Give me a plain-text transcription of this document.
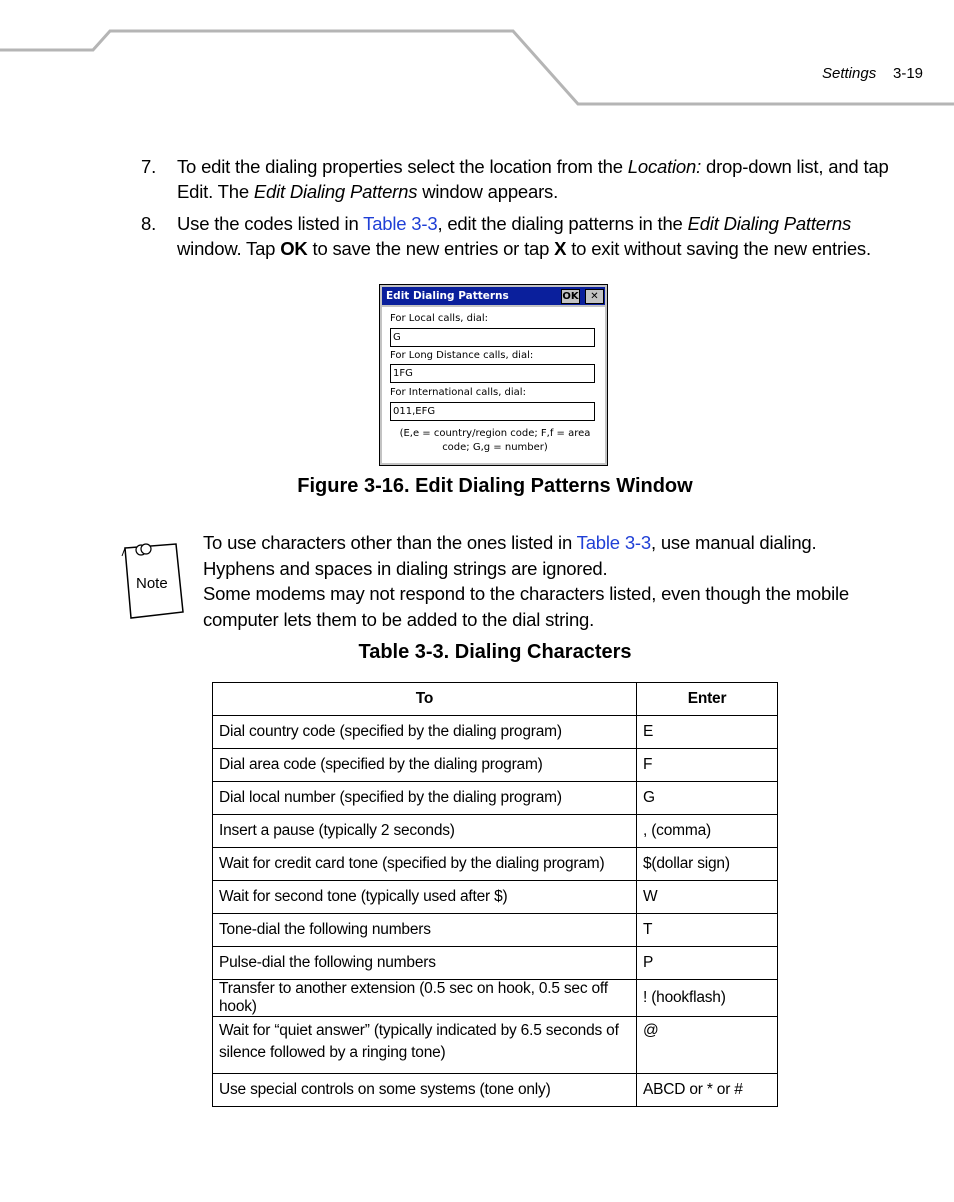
Settings 3-19
7. To edit the dialing properties select the location from the Location: drop-down list, and tap
Edit. The Edit Dialing Patterns window appears.
8. Use the codes listed in Table 3-3, edit the dialing patterns in the Edit Dialing Patterns
window. Tap OK to save the new entries or tap X to exit without saving the new entries.
Edit Dialing Patterns	OK	✕
For Local calls, dial:
G
For Long Distance calls, dial:
1FG
For International calls, dial:
011,EFG
(E,e = country/region code; F,f = area
code; G,g = number)
Figure 3-16. Edit Dialing Patterns Window
Note
To use characters other than the ones listed in Table 3-3, use manual dialing.
Hyphens and spaces in dialing strings are ignored.
Some modems may not respond to the characters listed, even though the mobile computer lets them to be added to the dial string.
Table 3-3. Dialing Characters
To	Enter
Dial country code (specified by the dialing program)	E
Dial area code (specified by the dialing program)	F
Dial local number (specified by the dialing program)	G
Insert a pause (typically 2 seconds)	, (comma)
Wait for credit card tone (specified by the dialing program)	$(dollar sign)
Wait for second tone (typically used after $)	W
Tone-dial the following numbers	T
Pulse-dial the following numbers	P
Transfer to another extension (0.5 sec on hook, 0.5 sec off hook)	! (hookflash)
Wait for “quiet answer” (typically indicated by 6.5 seconds of silence followed by a ringing tone)	@
Use special controls on some systems (tone only)	ABCD or * or #
